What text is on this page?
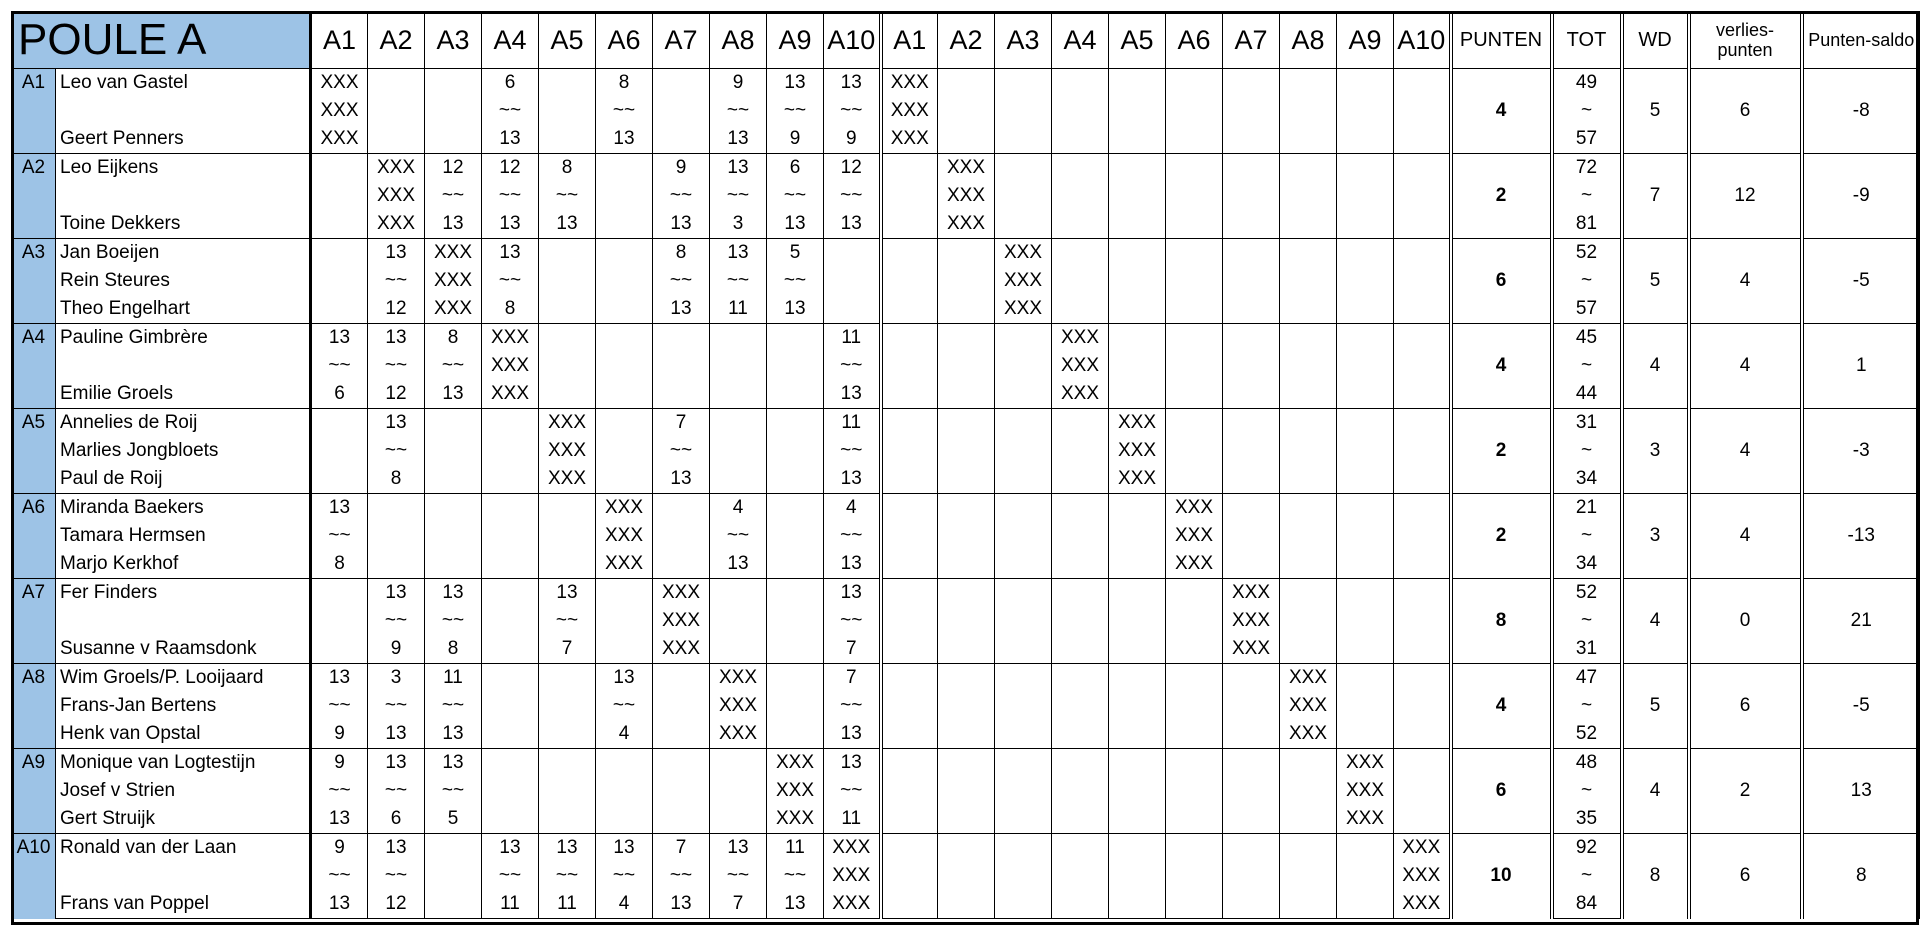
POULE A		A1	A2	A3	A4	A5	A6	A7	A8	A9	A10	A1	A2	A3	A4	A5	A6	A7	A8	A9	A10	PUNTEN	TOT	WD	verlies-punten	Punten-saldo
A1	Leo van Gastel	XXX			6		8		9	13	13	XXX										4	49	5	6	-8
		XXX			~~		~~		~~	~~	~~	XXX											~			
	Geert Penners	XXX			13		13		13	9	9	XXX											57			
A2	Leo Eijkens		XXX	12	12	8		9	13	6	12		XXX									2	72	7	12	-9
			XXX	~~	~~	~~		~~	~~	~~	~~		XXX										~			
	Toine Dekkers		XXX	13	13	13		13	3	13	13		XXX										81			
A3	Jan Boeijen		13	XXX	13			8	13	5				XXX								6	52	5	4	-5
	Rein Steures		~~	XXX	~~			~~	~~	~~				XXX									~			
	Theo Engelhart		12	XXX	8			13	11	13				XXX									57			
A4	Pauline Gimbrère	13	13	8	XXX						11				XXX							4	45	4	4	1
		~~	~~	~~	XXX						~~				XXX								~			
	Emilie Groels	6	12	13	XXX						13				XXX								44			
A5	Annelies de Roij		13			XXX		7			11					XXX						2	31	3	4	-3
	Marlies Jongbloets		~~			XXX		~~			~~					XXX							~			
	Paul de Roij		8			XXX		13			13					XXX							34			
A6	Miranda Baekers	13					XXX		4		4						XXX					2	21	3	4	-13
	Tamara Hermsen	~~					XXX		~~		~~						XXX						~			
	Marjo Kerkhof	8					XXX		13		13						XXX						34			
A7	Fer Finders		13	13		13		XXX			13							XXX				8	52	4	0	21
			~~	~~		~~		XXX			~~							XXX					~			
	Susanne v Raamsdonk		9	8		7		XXX			7							XXX					31			
A8	Wim Groels/P. Looijaard	13	3	11			13		XXX		7								XXX			4	47	5	6	-5
	Frans-Jan Bertens	~~	~~	~~			~~		XXX		~~								XXX				~			
	Henk van Opstal	9	13	13			4		XXX		13								XXX				52			
A9	Monique van Logtestijn	9	13	13						XXX	13									XXX		6	48	4	2	13
	Josef v Strien	~~	~~	~~						XXX	~~									XXX			~			
	Gert Struijk	13	6	5						XXX	11									XXX			35			
A10	Ronald van der Laan	9	13		13	13	13	7	13	11	XXX										XXX	10	92	8	6	8
		~~	~~		~~	~~	~~	~~	~~	~~	XXX										XXX		~			
	Frans van Poppel	13	12		11	11	4	13	7	13	XXX										XXX		84			
